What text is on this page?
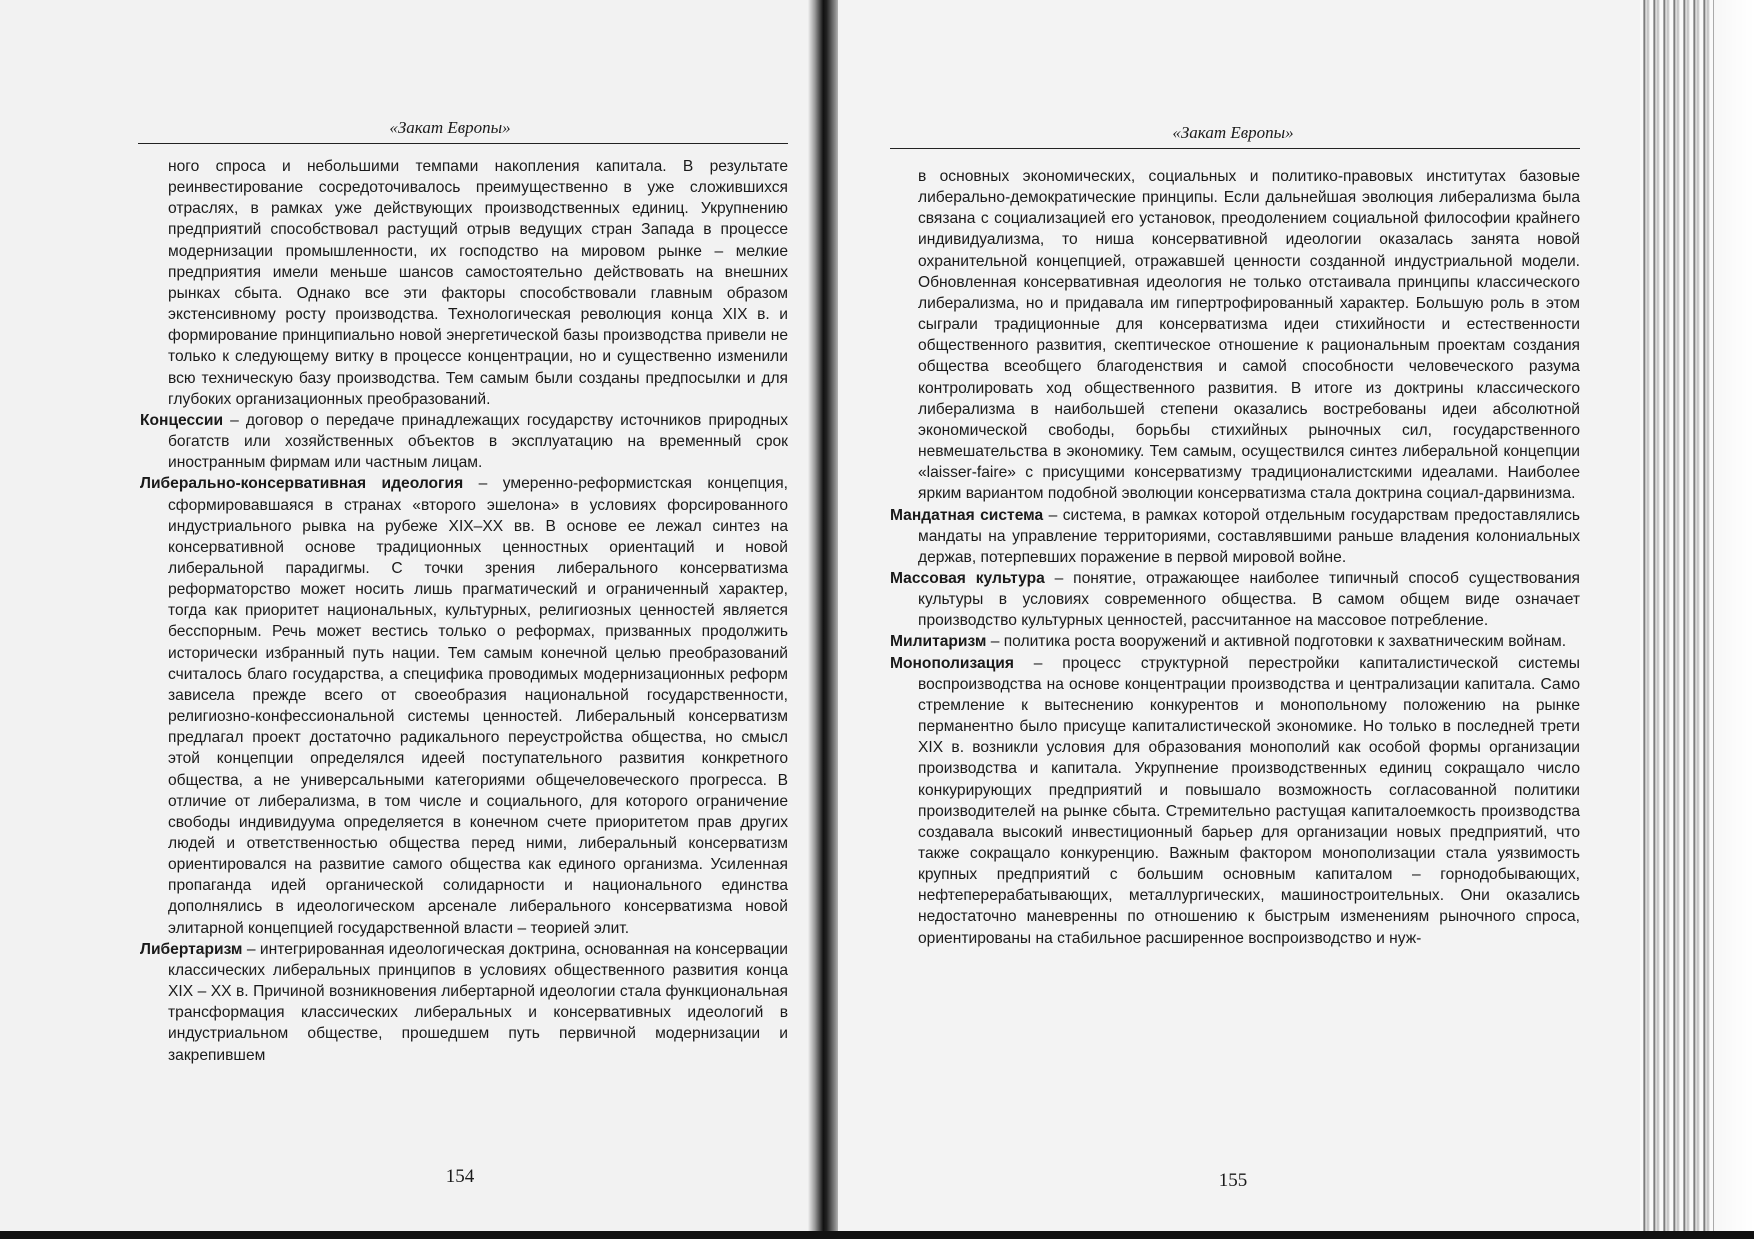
«Закат Европы»

ного спроса и небольшими темпами накопления капитала. В результате реинвестирование сосредоточивалось преимущественно в уже сложившихся отраслях, в рамках уже действующих производственных единиц. Укрупнению предприятий способствовал растущий отрыв ведущих стран Запада в процессе модернизации промышленности, их господство на мировом рынке – мелкие предприятия имели меньше шансов самостоятельно действовать на внешних рынках сбыта. Однако все эти факторы способствовали главным образом экстенсивному росту производства. Технологическая революция конца XIX в. и формирование принципиально новой энергетической базы производства привели не только к следующему витку в процессе концентрации, но и существенно изменили всю техническую базу производства. Тем самым были созданы предпосылки и для глубоких организационных преобразований.

Концессии – договор о передаче принадлежащих государству источников природных богатств или хозяйственных объектов в эксплуатацию на временный срок иностранным фирмам или частным лицам.

Либерально-консервативная идеология – умеренно-реформистская концепция, сформировавшаяся в странах «второго эшелона» в условиях форсированного индустриального рывка на рубеже XIX–XX вв. В основе ее лежал синтез на консервативной основе традиционных ценностных ориентаций и новой либеральной парадигмы. С точки зрения либерального консерватизма реформаторство может носить лишь прагматический и ограниченный характер, тогда как приоритет национальных, культурных, религиозных ценностей является бесспорным. Речь может вестись только о реформах, призванных продолжить исторически избранный путь нации. Тем самым конечной целью преобразований считалось благо государства, а специфика проводимых модернизационных реформ зависела прежде всего от своеобразия национальной государственности, религиозно-конфессиональной системы ценностей. Либеральный консерватизм предлагал проект достаточно радикального переустройства общества, но смысл этой концепции определялся идеей поступательного развития конкретного общества, а не универсальными категориями общечеловеческого прогресса. В отличие от либерализма, в том числе и социального, для которого ограничение свободы индивидуума определяется в конечном счете приоритетом прав других людей и ответственностью общества перед ними, либеральный консерватизм ориентировался на развитие самого общества как единого организма. Усиленная пропаганда идей органической солидарности и национального единства дополнялись в идеологическом арсенале либерального консерватизма новой элитарной концепцией государственной власти – теорией элит.

Либертаризм – интегрированная идеологическая доктрина, основанная на консервации классических либеральных принципов в условиях общественного развития конца XIX – XX в. Причиной возникновения либертарной идеологии стала функциональная трансформация классических либеральных и консервативных идеологий в индустриальном обществе, прошедшем путь первичной модернизации и закрепившем

154
«Закат Европы»

в основных экономических, социальных и политико-правовых институтах базовые либерально-демократические принципы. Если дальнейшая эволюция либерализма была связана с социализацией его установок, преодолением социальной философии крайнего индивидуализма, то ниша консервативной идеологии оказалась занята новой охранительной концепцией, отражавшей ценности созданной индустриальной модели. Обновленная консервативная идеология не только отстаивала принципы классического либерализма, но и придавала им гипертрофированный характер. Большую роль в этом сыграли традиционные для консерватизма идеи стихийности и естественности общественного развития, скептическое отношение к рациональным проектам создания общества всеобщего благоденствия и самой способности человеческого разума контролировать ход общественного развития. В итоге из доктрины классического либерализма в наибольшей степени оказались востребованы идеи абсолютной экономической свободы, борьбы стихийных рыночных сил, государственного невмешательства в экономику. Тем самым, осуществился синтез либеральной концепции «laisser-faire» с присущими консерватизму традиционалистскими идеалами. Наиболее ярким вариантом подобной эволюции консерватизма стала доктрина социал-дарвинизма.

Мандатная система – система, в рамках которой отдельным государствам предоставлялись мандаты на управление территориями, составлявшими раньше владения колониальных держав, потерпевших поражение в первой мировой войне.

Массовая культура – понятие, отражающее наиболее типичный способ существования культуры в условиях современного общества. В самом общем виде означает производство культурных ценностей, рассчитанное на массовое потребление.

Милитаризм – политика роста вооружений и активной подготовки к захватническим войнам.

Монополизация – процесс структурной перестройки капиталистической системы воспроизводства на основе концентрации производства и централизации капитала. Само стремление к вытеснению конкурентов и монопольному положению на рынке перманентно было присуще капиталистической экономике. Но только в последней трети XIX в. возникли условия для образования монополий как особой формы организации производства и капитала. Укрупнение производственных единиц сокращало число конкурирующих предприятий и повышало возможность согласованной политики производителей на рынке сбыта. Стремительно растущая капиталоемкость производства создавала высокий инвестиционный барьер для организации новых предприятий, что также сокращало конкуренцию. Важным фактором монополизации стала уязвимость крупных предприятий с большим основным капиталом – горнодобывающих, нефтеперерабатывающих, металлургических, машиностроительных. Они оказались недостаточно маневренны по отношению к быстрым изменениям рыночного спроса, ориентированы на стабильное расширенное воспроизводство и нуж-

155
